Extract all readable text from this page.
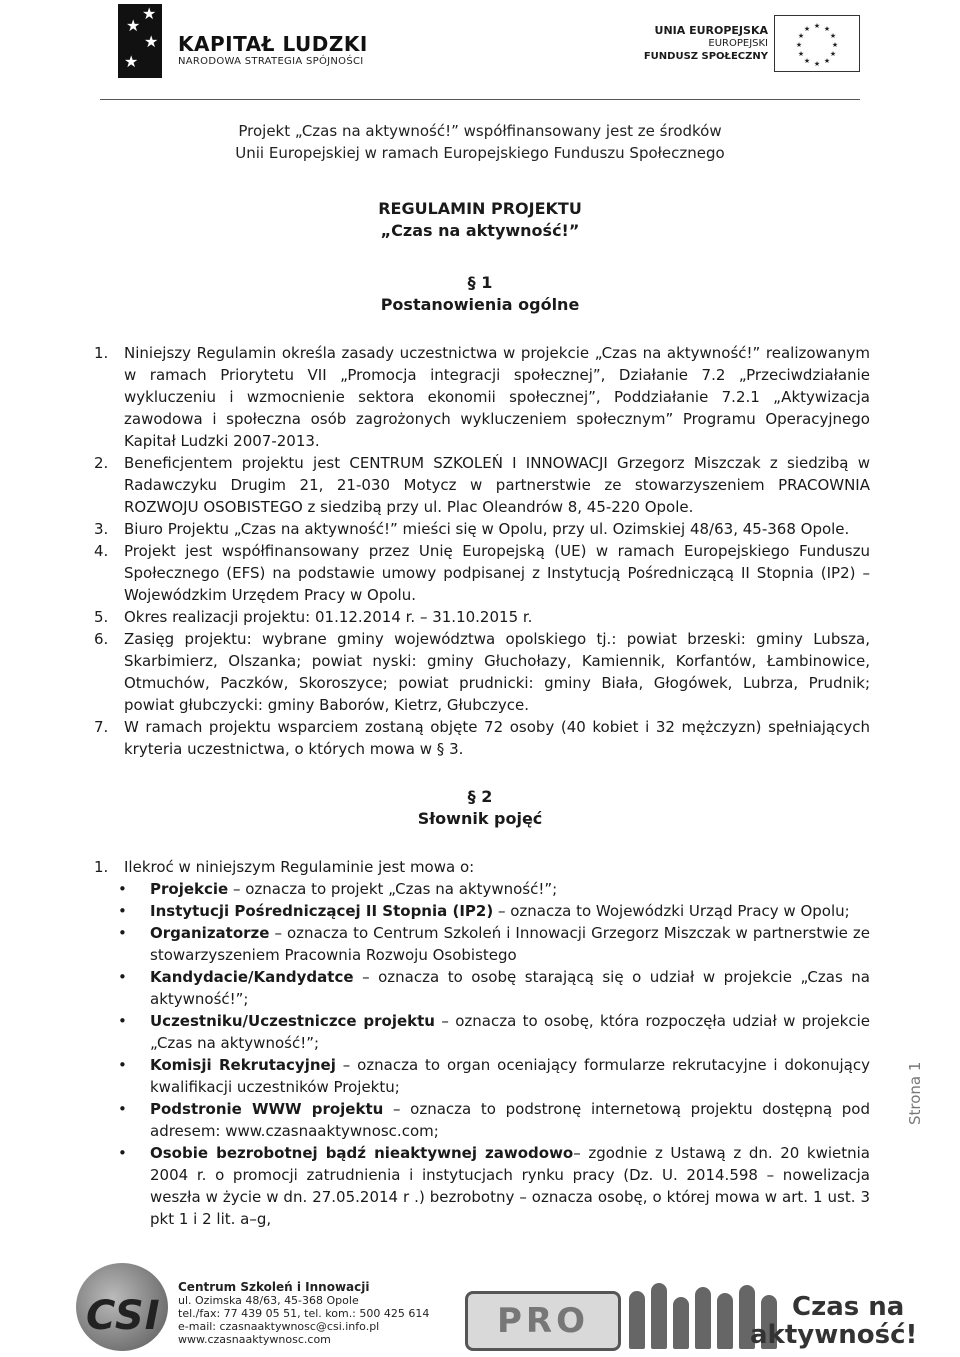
★
★
★
★
KAPITAŁ LUDZKI
NARODOWA STRATEGIA SPÓJNOŚCI
UNIA EUROPEJSKA
EUROPEJSKI
FUNDUSZ SPOŁECZNY
★ ★
★
★
★
★
★
★
★
★
★
★
Projekt „Czas na aktywność!” współfinansowany jest ze środków
Unii Europejskiej w ramach Europejskiego Funduszu Społecznego
REGULAMIN PROJEKTU
„Czas na aktywność!”
§ 1
Postanowienia ogólne
1. Niniejszy Regulamin określa zasady uczestnictwa w projekcie „Czas na aktywność!” realizowanym w ramach Priorytetu VII „Promocja integracji społecznej”, Działanie 7.2 „Przeciwdziałanie wykluczeniu i wzmocnienie sektora ekonomii społecznej”, Poddziałanie 7.2.1 „Aktywizacja zawodowa i społeczna osób zagrożonych wykluczeniem społecznym” Programu Operacyjnego Kapitał Ludzki 2007-2013.
2. Beneficjentem projektu jest CENTRUM SZKOLEŃ I INNOWACJI Grzegorz Miszczak z siedzibą w Radawczyku Drugim 21, 21-030 Motycz w partnerstwie ze stowarzyszeniem PRACOWNIA ROZWOJU OSOBISTEGO z siedzibą przy ul. Plac Oleandrów 8, 45-220 Opole.
3. Biuro Projektu „Czas na aktywność!” mieści się w Opolu, przy ul. Ozimskiej 48/63, 45-368 Opole.
4. Projekt jest współfinansowany przez Unię Europejską (UE) w ramach Europejskiego Funduszu Społecznego (EFS) na podstawie umowy podpisanej z Instytucją Pośredniczącą II Stopnia (IP2) – Wojewódzkim Urzędem Pracy w Opolu.
5. Okres realizacji projektu: 01.12.2014 r. – 31.10.2015 r.
6. Zasięg projektu: wybrane gminy województwa opolskiego tj.: powiat brzeski: gminy Lubsza, Skarbimierz, Olszanka; powiat nyski: gminy Głuchołazy, Kamiennik, Korfantów, Łambinowice, Otmuchów, Paczków, Skoroszyce; powiat prudnicki: gminy Biała, Głogówek, Lubrza, Prudnik; powiat głubczycki: gminy Baborów, Kietrz, Głubczyce.
7. W ramach projektu wsparciem zostaną objęte 72 osoby (40 kobiet i 32 mężczyzn) spełniających kryteria uczestnictwa, o których mowa w § 3.
§ 2
Słownik pojęć
1. Ilekroć w niniejszym Regulaminie jest mowa o:
• Projekcie – oznacza to projekt „Czas na aktywność!”;
• Instytucji Pośredniczącej II Stopnia (IP2) – oznacza to Wojewódzki Urząd Pracy w Opolu;
• Organizatorze – oznacza to Centrum Szkoleń i Innowacji Grzegorz Miszczak w partnerstwie ze stowarzyszeniem Pracownia Rozwoju Osobistego
• Kandydacie/Kandydatce – oznacza to osobę starającą się o udział w projekcie „Czas na aktywność!”;
• Uczestniku/Uczestniczce projektu – oznacza to osobę, która rozpoczęła udział w projekcie „Czas na aktywność!”;
• Komisji Rekrutacyjnej – oznacza to organ oceniający formularze rekrutacyjne i dokonujący kwalifikacji uczestników Projektu;
• Podstronie WWW projektu – oznacza to podstronę internetową projektu dostępną pod adresem: www.czasnaaktywnosc.com;
• Osobie bezrobotnej bądź nieaktywnej zawodowo– zgodnie z Ustawą z dn. 20 kwietnia 2004 r. o promocji zatrudnienia i instytucjach rynku pracy (Dz. U. 2014.598 – nowelizacja weszła w życie w dn. 27.05.2014 r .) bezrobotny – oznacza osobę, o której mowa w art. 1 ust. 3 pkt 1 i 2 lit. a–g,
Strona 1
CSI
Centrum Szkoleń i Innowacji
ul. Ozimska 48/63, 45-368 Opole
tel./fax: 77 439 05 51, tel. kom.: 500 425 614
e-mail: czasnaaktywnosc@csi.info.pl
www.czasnaaktywnosc.com	PRO	Czas na
aktywność!
